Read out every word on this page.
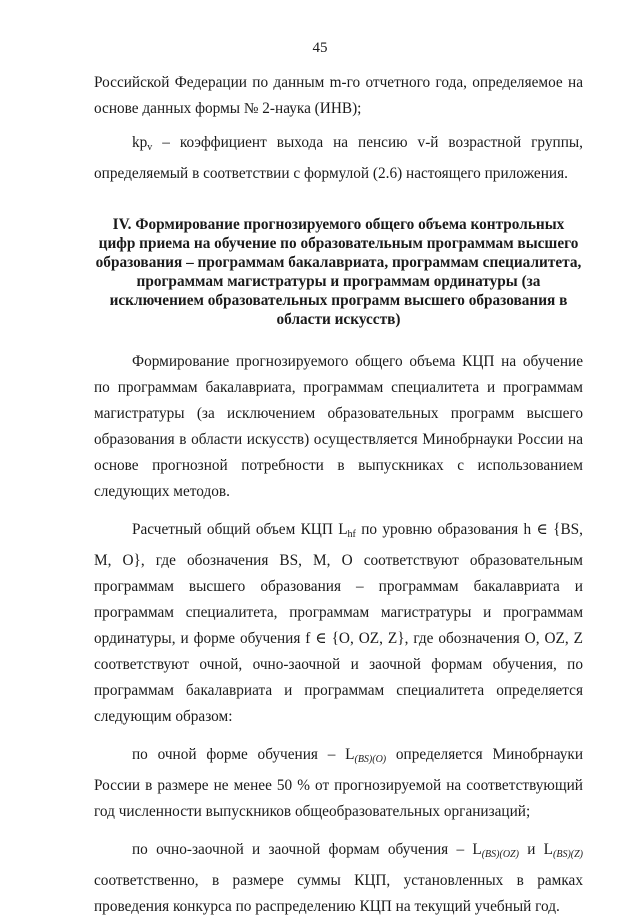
45

Российской Федерации по данным m-го отчетного года, определяемое на основе данных формы № 2-наука (ИНВ);

$kp_v$ – коэффициент выхода на пенсию v-й возрастной группы, определяемый в соответствии с формулой (2.6) настоящего приложения.

IV. Формирование прогнозируемого общего объема контрольных цифр приема на обучение по образовательным программам высшего образования – программам бакалавриата, программам специалитета, программам магистратуры и программам ординатуры (за исключением образовательных программ высшего образования в области искусств)

Формирование прогнозируемого общего объема КЦП на обучение по программам бакалавриата, программам специалитета и программам магистратуры (за исключением образовательных программ высшего образования в области искусств) осуществляется Минобрнауки России на основе прогнозной потребности в выпускниках с использованием следующих методов.

Расчетный общий объем КЦП $L_{hf}$ по уровню образования h ∈ {BS, M, O}, где обозначения BS, M, O соответствуют образовательным программам высшего образования – программам бакалавриата и программам специалитета, программам магистратуры и программам ординатуры, и форме обучения f ∈ {O, OZ, Z}, где обозначения O, OZ, Z соответствуют очной, очно-заочной и заочной формам обучения, по программам бакалавриата и программам специалитета определяется следующим образом:

по очной форме обучения – L(BS)(O) определяется Минобрнауки России в размере не менее 50 % от прогнозируемой на соответствующий год численности выпускников общеобразовательных организаций;

по очно-заочной и заочной формам обучения – L(BS)(OZ) и L(BS)(Z) соответственно, в размере суммы КЦП, установленных в рамках проведения конкурса по распределению КЦП на текущий учебный год.
